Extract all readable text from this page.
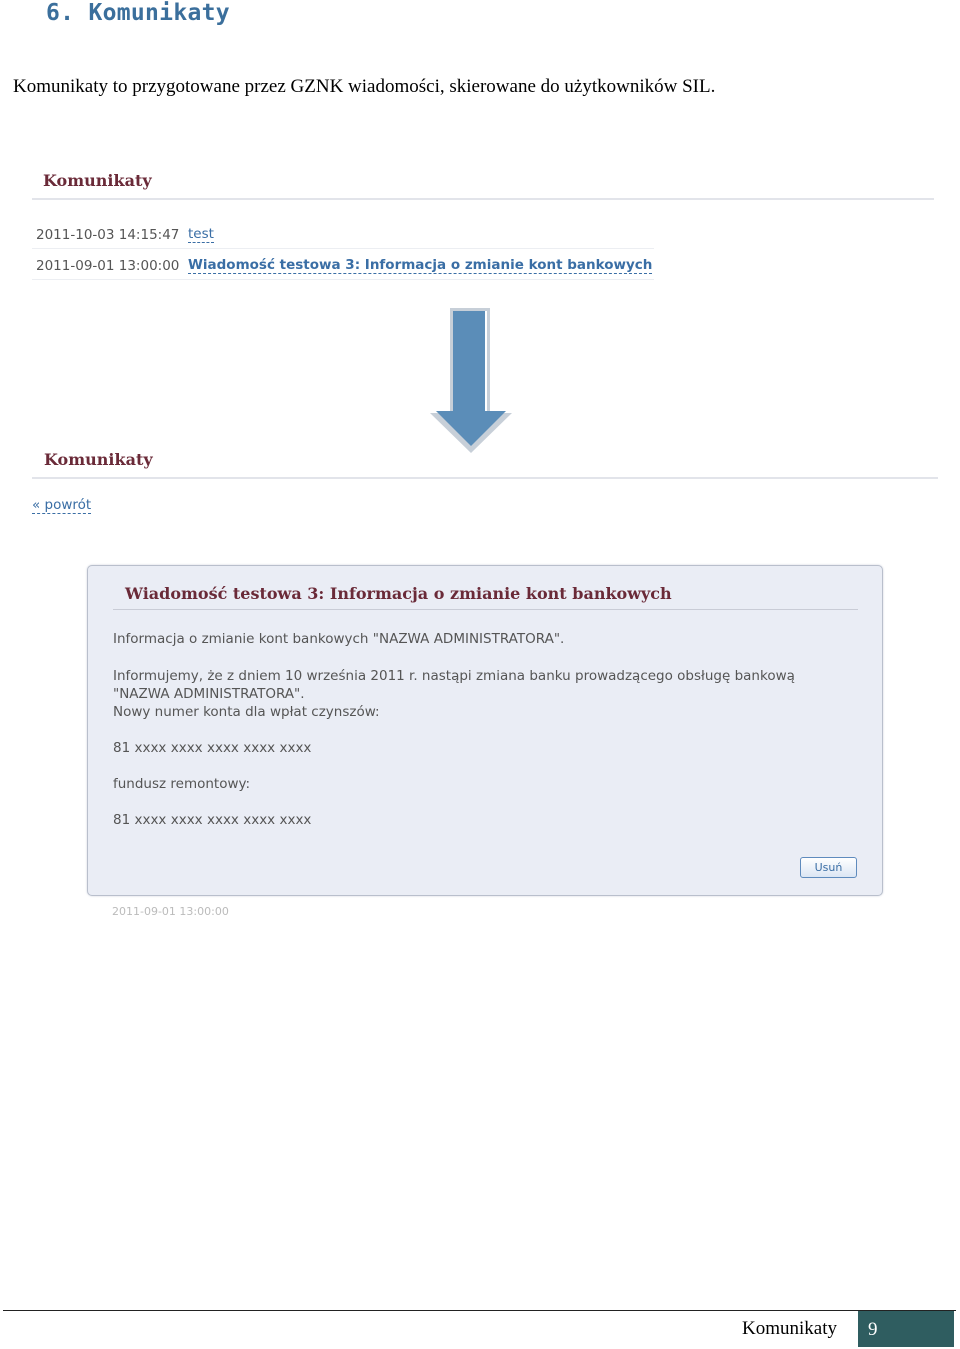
6. Komunikaty

Komunikaty to przygotowane przez GZNK wiadomości, skierowane do użytkowników SIL.

Komunikaty
2011-10-03 14:15:47 test
2011-09-01 13:00:00 Wiadomość testowa 3: Informacja o zmianie kont bankowych
Komunikaty
« powrót
Wiadomość testowa 3: Informacja o zmianie kont bankowych

Informacja o zmianie kont bankowych "NAZWA ADMINISTRATORA".

Informujemy, że z dniem 10 września 2011 r. nastąpi zmiana banku prowadzącego obsługę bankową "NAZWA ADMINISTRATORA".

Nowy numer konta dla wpłat czynszów:

81 xxxx xxxx xxxx xxxx xxxx

fundusz remontowy:

81 xxxx xxxx xxxx xxxx xxxx

Usuń
2011-09-01 13:00:00
Komunikaty 9
